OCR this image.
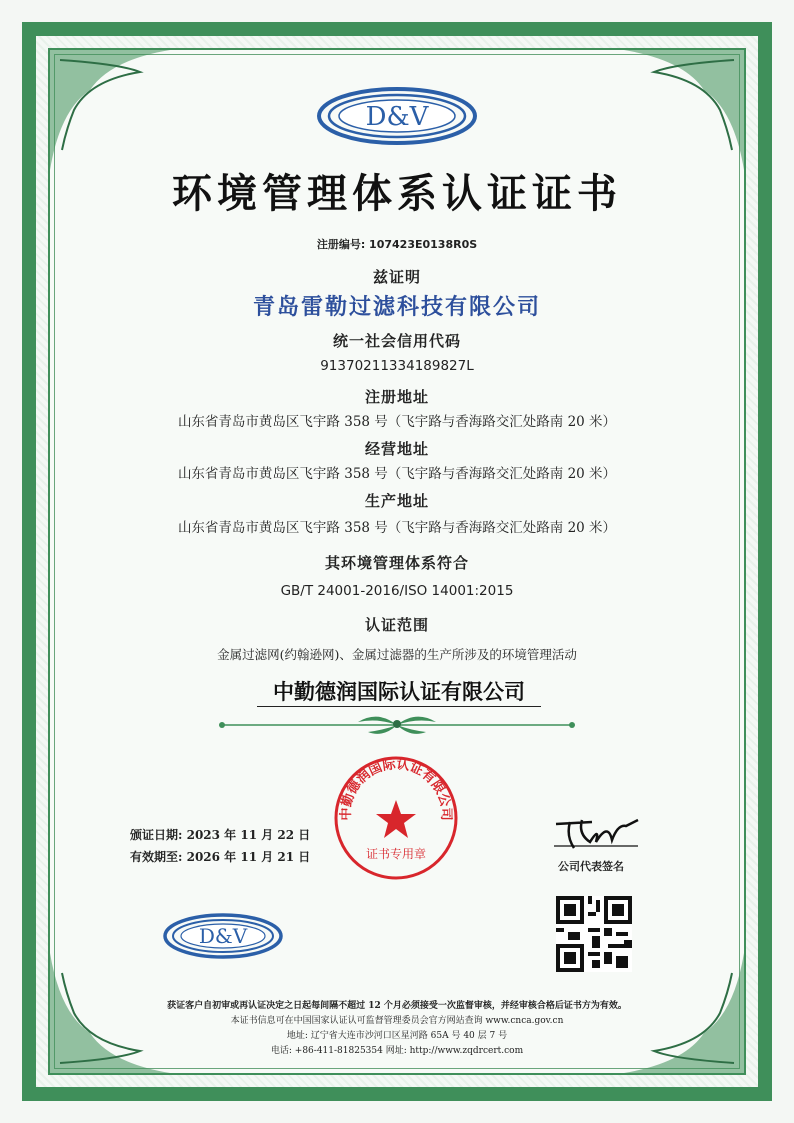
D&V
环境管理体系认证证书
注册编号: 107423E0138R0S
兹证明
青岛雷勒过滤科技有限公司
统一社会信用代码
91370211334189827L
注册地址
山东省青岛市黄岛区飞宇路 358 号（飞宇路与香海路交汇处路南 20 米）
经营地址
山东省青岛市黄岛区飞宇路 358 号（飞宇路与香海路交汇处路南 20 米）
生产地址
山东省青岛市黄岛区飞宇路 358 号（飞宇路与香海路交汇处路南 20 米）
其环境管理体系符合
GB/T 24001-2016/ISO 14001:2015
认证范围
金属过滤网(约翰逊网)、金属过滤器的生产所涉及的环境管理活动
中勤德润国际认证有限公司
中勤德润国际认证有限公司
证书专用章
颁证日期: 2023 年 11 月 22 日
有效期至: 2026 年 11 月 21 日
公司代表签名
D&V
获证客户自初审或再认证决定之日起每间隔不超过 12 个月必须接受一次监督审核，并经审核合格后证书方为有效。
本证书信息可在中国国家认证认可监督管理委员会官方网站查询 www.cnca.gov.cn
地址: 辽宁省大连市沙河口区星河路 65A 号 40 层 7 号
电话: +86-411-81825354 网址: http://www.zqdrcert.com
